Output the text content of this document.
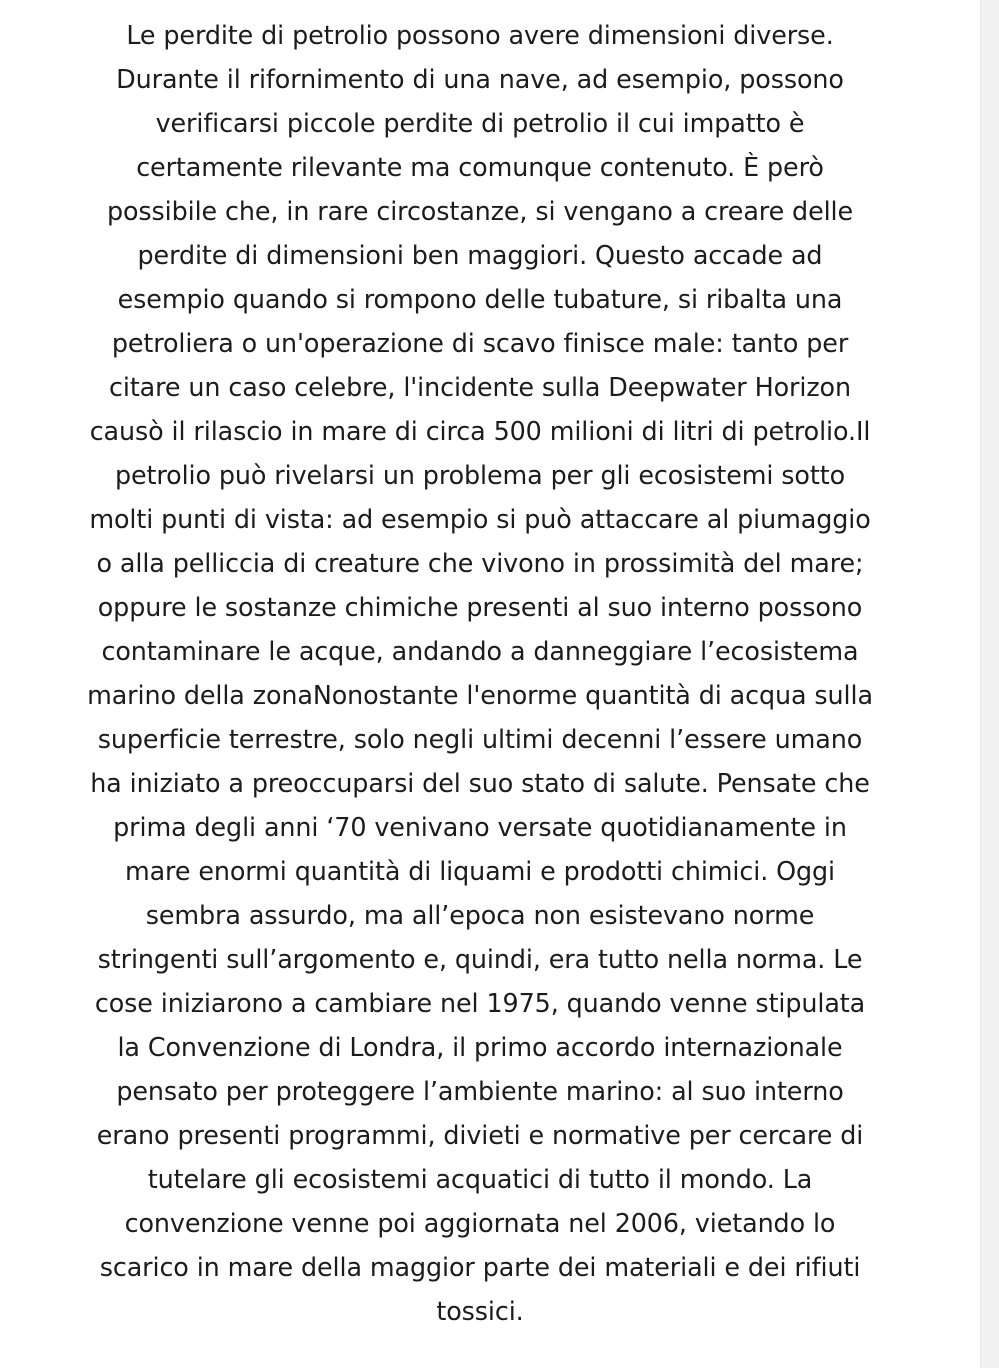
Le perdite di petrolio possono avere dimensioni diverse.
Durante il rifornimento di una nave, ad esempio, possono
verificarsi piccole perdite di petrolio il cui impatto è
certamente rilevante ma comunque contenuto. È però
possibile che, in rare circostanze, si vengano a creare delle
perdite di dimensioni ben maggiori. Questo accade ad
esempio quando si rompono delle tubature, si ribalta una
petroliera o un'operazione di scavo finisce male: tanto per
citare un caso celebre, l'incidente sulla Deepwater Horizon
causò il rilascio in mare di circa 500 milioni di litri di petrolio.Il
petrolio può rivelarsi un problema per gli ecosistemi sotto
molti punti di vista: ad esempio si può attaccare al piumaggio
o alla pelliccia di creature che vivono in prossimità del mare;
oppure le sostanze chimiche presenti al suo interno possono
contaminare le acque, andando a danneggiare l’ecosistema
marino della zonaNonostante l'enorme quantità di acqua sulla
superficie terrestre, solo negli ultimi decenni l’essere umano
ha iniziato a preoccuparsi del suo stato di salute. Pensate che
prima degli anni ‘70 venivano versate quotidianamente in
mare enormi quantità di liquami e prodotti chimici. Oggi
sembra assurdo, ma all’epoca non esistevano norme
stringenti sull’argomento e, quindi, era tutto nella norma. Le
cose iniziarono a cambiare nel 1975, quando venne stipulata
la Convenzione di Londra, il primo accordo internazionale
pensato per proteggere l’ambiente marino: al suo interno
erano presenti programmi, divieti e normative per cercare di
tutelare gli ecosistemi acquatici di tutto il mondo. La
convenzione venne poi aggiornata nel 2006, vietando lo
scarico in mare della maggior parte dei materiali e dei rifiuti
tossici.
